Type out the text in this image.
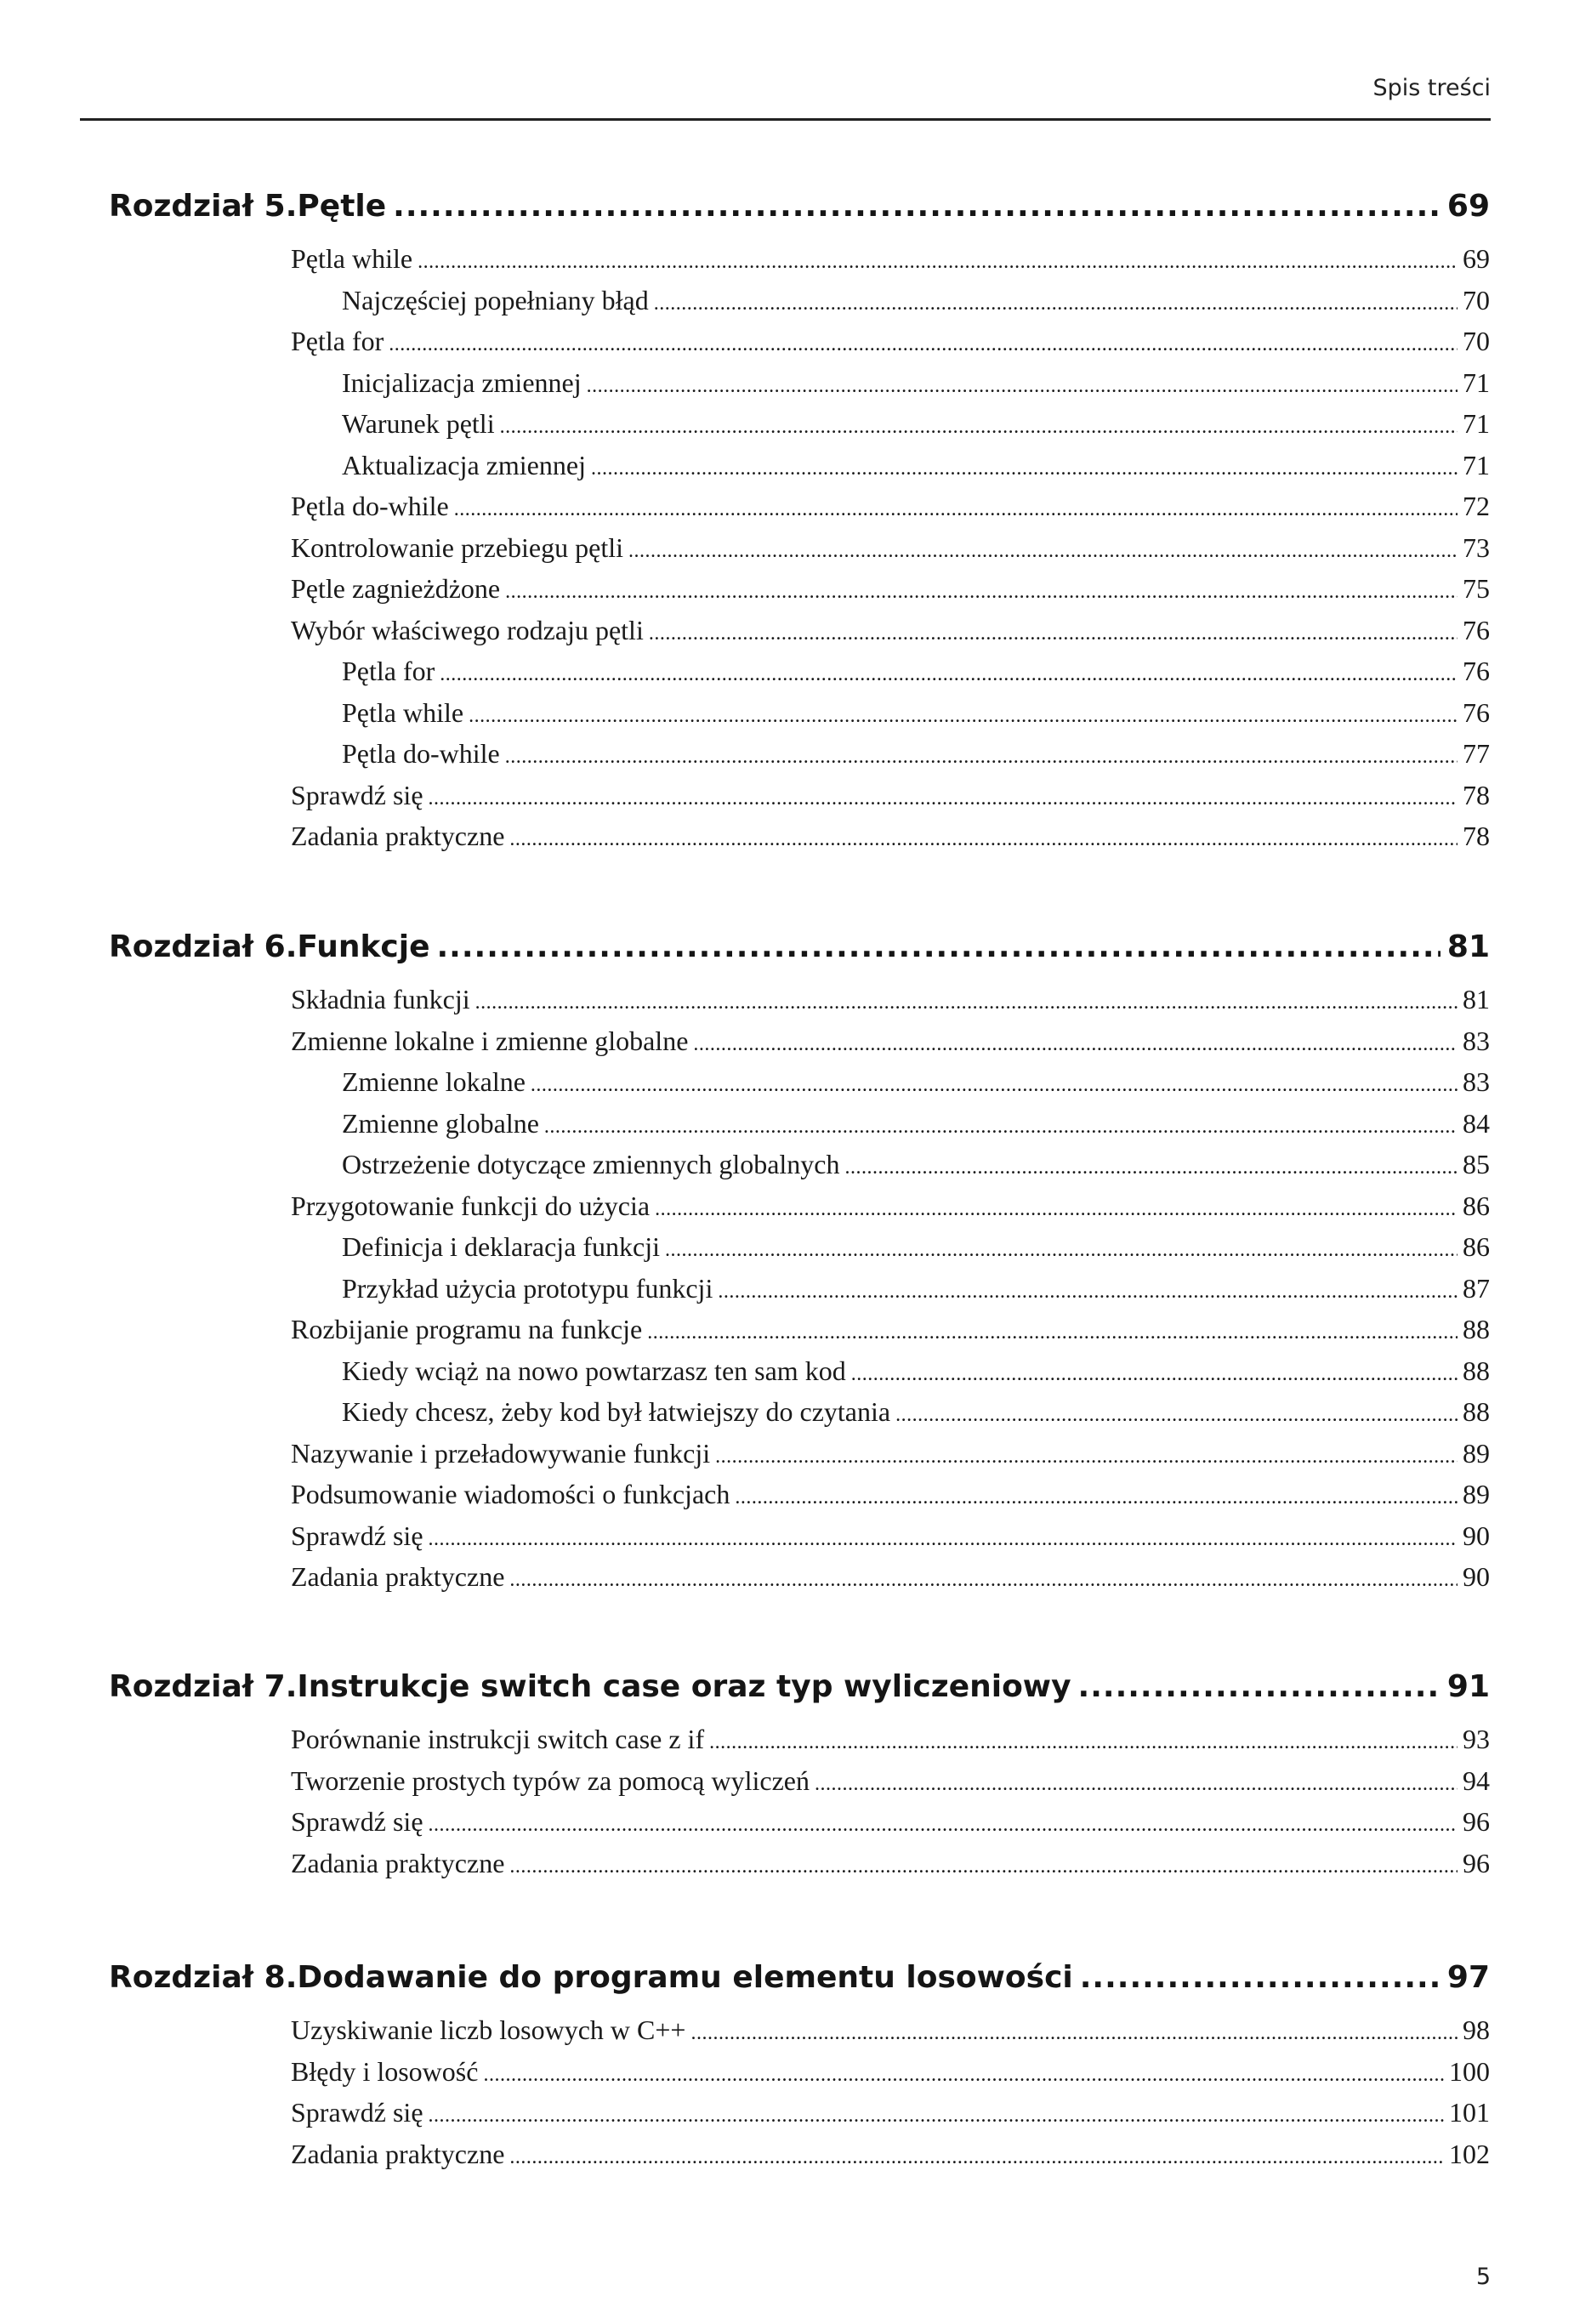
Spis treści
Rozdział 5. Pętle .....	69
Pętla while .....	69
Najczęściej popełniany błąd .....	70
Pętla for .....	70
Inicjalizacja zmiennej .....	71
Warunek pętli .....	71
Aktualizacja zmiennej .....	71
Pętla do-while .....	72
Kontrolowanie przebiegu pętli .....	73
Pętle zagnieżdżone .....	75
Wybór właściwego rodzaju pętli .....	76
Pętla for .....	76
Pętla while .....	76
Pętla do-while .....	77
Sprawdź się .....	78
Zadania praktyczne .....	78
Rozdział 6. Funkcje .....	81
Składnia funkcji .....	81
Zmienne lokalne i zmienne globalne .....	83
Zmienne lokalne .....	83
Zmienne globalne .....	84
Ostrzeżenie dotyczące zmiennych globalnych .....	85
Przygotowanie funkcji do użycia .....	86
Definicja i deklaracja funkcji .....	86
Przykład użycia prototypu funkcji .....	87
Rozbijanie programu na funkcje .....	88
Kiedy wciąż na nowo powtarzasz ten sam kod .....	88
Kiedy chcesz, żeby kod był łatwiejszy do czytania .....	88
Nazywanie i przeładowywanie funkcji .....	89
Podsumowanie wiadomości o funkcjach .....	89
Sprawdź się .....	90
Zadania praktyczne .....	90
Rozdział 7. Instrukcje switch case oraz typ wyliczeniowy .....	91
Porównanie instrukcji switch case z if .....	93
Tworzenie prostych typów za pomocą wyliczeń .....	94
Sprawdź się .....	96
Zadania praktyczne .....	96
Rozdział 8. Dodawanie do programu elementu losowości .....	97
Uzyskiwanie liczb losowych w C++ .....	98
Błędy i losowość .....	100
Sprawdź się .....	101
Zadania praktyczne .....	102
5
